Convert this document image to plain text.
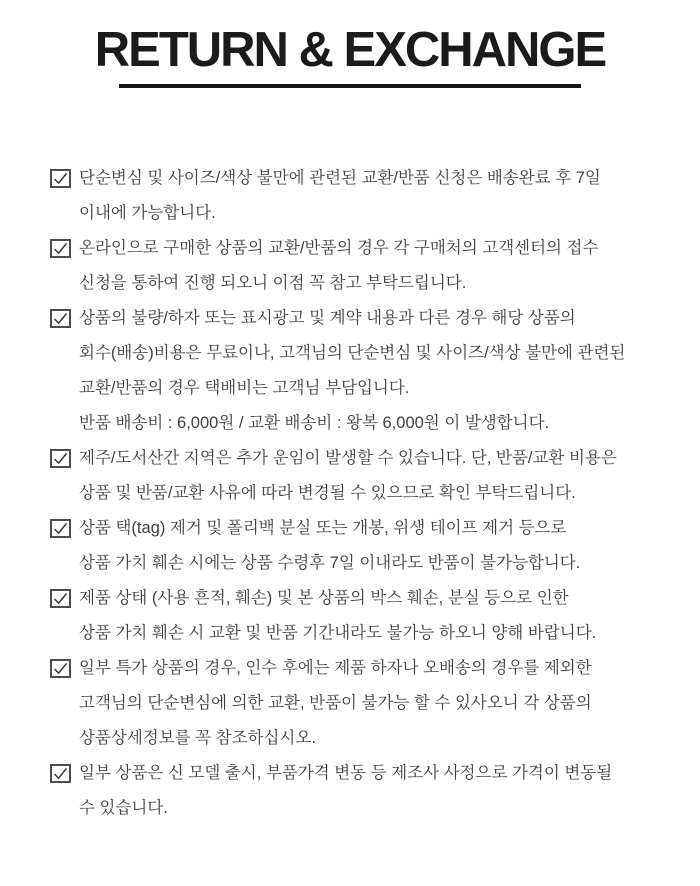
RETURN & EXCHANGE
단순변심 및 사이즈/색상 불만에 관련된 교환/반품 신청은 배송완료 후 7일
이내에 가능합니다.
온라인으로 구매한 상품의 교환/반품의 경우 각 구매처의 고객센터의 접수
신청을 통하여 진행 되오니 이점 꼭 참고 부탁드립니다.
상품의 불량/하자 또는 표시광고 및 계약 내용과 다른 경우 해당 상품의
회수(배송)비용은 무료이나, 고객님의 단순변심 및 사이즈/색상 불만에 관련된
교환/반품의 경우 택배비는 고객님 부담입니다.
반품 배송비 : 6,000원 / 교환 배송비 : 왕복 6,000원 이 발생합니다.
제주/도서산간 지역은 추가 운임이 발생할 수 있습니다. 단, 반품/교환 비용은
상품 및 반품/교환 사유에 따라 변경될 수 있으므로 확인 부탁드립니다.
상품 택(tag) 제거 및 폴리백 분실 또는 개봉, 위생 테이프 제거 등으로
상품 가치 훼손 시에는 상품 수령후 7일 이내라도 반품이 불가능합니다.
제품 상태 (사용 흔적, 훼손) 및 본 상품의 박스 훼손, 분실 등으로 인한
상품 가치 훼손 시 교환 및 반품 기간내라도 불가능 하오니 양해 바랍니다.
일부 특가 상품의 경우, 인수 후에는 제품 하자나 오배송의 경우를 제외한
고객님의 단순변심에 의한 교환, 반품이 불가능 할 수 있사오니 각 상품의
상품상세정보를 꼭 참조하십시오.
일부 상품은 신 모델 출시, 부품가격 변동 등 제조사 사정으로 가격이 변동될
수 있습니다.
